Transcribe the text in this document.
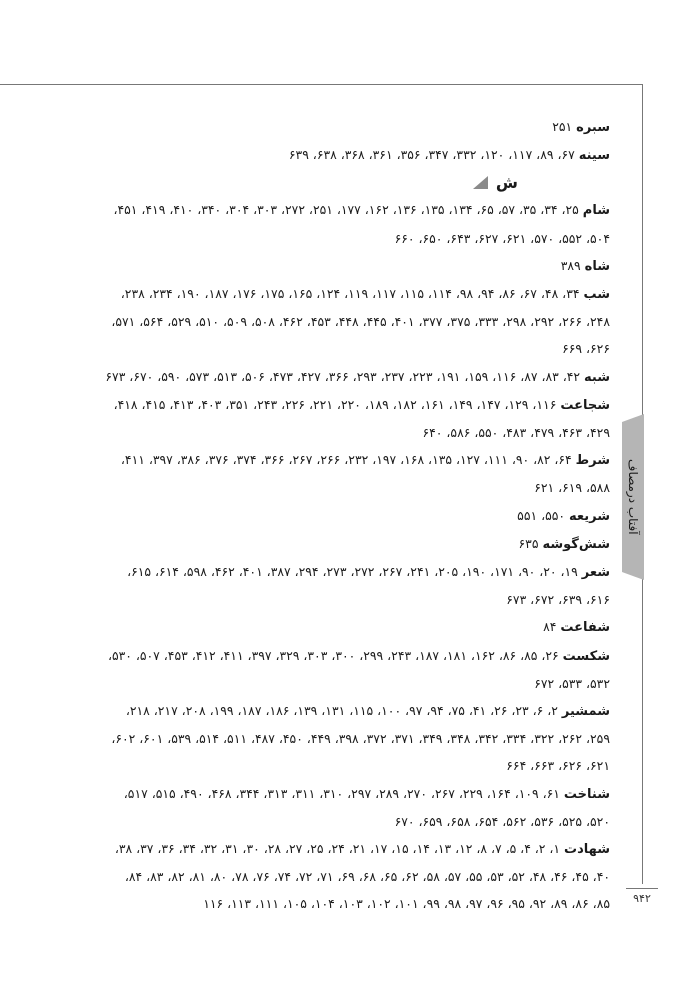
آفتاب درمصاف
۹۴۲
سبره ۲۵۱
سینه ۶۷، ۸۹، ۱۱۷، ۱۲۰، ۳۳۲، ۳۴۷، ۳۵۶، ۳۶۱، ۳۶۸، ۶۳۸، ۶۳۹
ش
شام ۲۵، ۳۴، ۳۵، ۵۷، ۶۵، ۱۳۴، ۱۳۵، ۱۳۶، ۱۶۲، ۱۷۷، ۲۵۱، ۲۷۲، ۳۰۳، ۳۰۴، ۳۴۰، ۴۱۰، ۴۱۹، ۴۵۱، ۵۰۴، ۵۵۲، ۵۷۰، ۶۲۱، ۶۲۷، ۶۴۳، ۶۵۰، ۶۶۰
شاه ۳۸۹
شب ۳۴، ۴۸، ۶۷، ۸۶، ۹۴، ۹۸، ۱۱۴، ۱۱۵، ۱۱۷، ۱۱۹، ۱۲۴، ۱۶۵، ۱۷۵، ۱۷۶، ۱۸۷، ۱۹۰، ۲۳۴، ۲۳۸، ۲۴۸، ۲۶۶، ۲۹۲، ۲۹۸، ۳۳۳، ۳۷۵، ۳۷۷، ۴۰۱، ۴۴۵، ۴۴۸، ۴۵۳، ۴۶۲، ۵۰۸، ۵۰۹، ۵۱۰، ۵۲۹، ۵۶۴، ۵۷۱، ۶۲۶، ۶۶۹
شبه ۴۲، ۸۳، ۸۷، ۱۱۶، ۱۵۹، ۱۹۱، ۲۲۳، ۲۳۷، ۲۹۳، ۳۶۶، ۴۲۷، ۴۷۳، ۵۰۶، ۵۱۳، ۵۷۳، ۵۹۰، ۶۷۰، ۶۷۳
شجاعت ۱۱۶، ۱۲۹، ۱۴۷، ۱۴۹، ۱۶۱، ۱۸۲، ۱۸۹، ۲۲۰، ۲۲۱، ۲۲۶، ۲۴۳، ۳۵۱، ۴۰۳، ۴۱۳، ۴۱۵، ۴۱۸، ۴۲۹، ۴۶۳، ۴۷۹، ۴۸۳، ۵۵۰، ۵۸۶، ۶۴۰
شرط ۶۴، ۸۲، ۹۰، ۱۱۱، ۱۲۷، ۱۳۵، ۱۶۸، ۱۹۷، ۲۳۲، ۲۶۶، ۲۶۷، ۳۶۶، ۳۷۴، ۳۷۶، ۳۸۶، ۳۹۷، ۴۱۱، ۵۸۸، ۶۱۹، ۶۲۱
شریعه ۵۵۰، ۵۵۱
شش‌گوشه ۶۳۵
شعر ۱۹، ۲۰، ۹۰، ۱۷۱، ۱۹۰، ۲۰۵، ۲۴۱، ۲۶۷، ۲۷۲، ۲۷۳، ۲۹۴، ۳۸۷، ۴۰۱، ۴۶۲، ۵۹۸، ۶۱۴، ۶۱۵، ۶۱۶، ۶۳۹، ۶۷۲، ۶۷۳
شفاعت ۸۴
شکست ۲۶، ۸۵، ۸۶، ۱۶۲، ۱۸۱، ۱۸۷، ۲۴۳، ۲۹۹، ۳۰۰، ۳۰۳، ۳۲۹، ۳۹۷، ۴۱۱، ۴۱۲، ۴۵۳، ۵۰۷، ۵۳۰، ۵۳۲، ۵۳۳، ۶۷۲
شمشیر ۲، ۶، ۲۳، ۲۶، ۴۱، ۷۵، ۹۴، ۹۷، ۱۰۰، ۱۱۵، ۱۳۱، ۱۳۹، ۱۸۶، ۱۸۷، ۱۹۹، ۲۰۸، ۲۱۷، ۲۱۸، ۲۵۹، ۲۶۲، ۳۲۲، ۳۳۴، ۳۴۲، ۳۴۸، ۳۴۹، ۳۷۱، ۳۷۲، ۳۹۸، ۴۴۹، ۴۵۰، ۴۸۷، ۵۱۱، ۵۱۴، ۵۳۹، ۶۰۱، ۶۰۲، ۶۲۱، ۶۲۶، ۶۶۳، ۶۶۴
شناخت ۶۱، ۱۰۹، ۱۶۴، ۲۲۹، ۲۶۷، ۲۷۰، ۲۸۹، ۲۹۷، ۳۱۰، ۳۱۱، ۳۱۳، ۳۴۴، ۴۶۸، ۴۹۰، ۵۱۵، ۵۱۷، ۵۲۰، ۵۲۵، ۵۳۶، ۵۶۲، ۶۵۴، ۶۵۸، ۶۵۹، ۶۷۰
شهادت ۱، ۲، ۴، ۵، ۷، ۸، ۱۲، ۱۳، ۱۴، ۱۵، ۱۷، ۲۱، ۲۴، ۲۵، ۲۷، ۲۸، ۳۰، ۳۱، ۳۲، ۳۴، ۳۶، ۳۷، ۳۸، ۴۰، ۴۵، ۴۶، ۴۸، ۵۲، ۵۳، ۵۵، ۵۷، ۵۸، ۶۲، ۶۵، ۶۸، ۶۹، ۷۱، ۷۲، ۷۴، ۷۶، ۷۸، ۸۰، ۸۱، ۸۲، ۸۳، ۸۴، ۸۵، ۸۶، ۸۹، ۹۲، ۹۵، ۹۶، ۹۷، ۹۸، ۹۹، ۱۰۱، ۱۰۲، ۱۰۳، ۱۰۴، ۱۰۵، ۱۱۱، ۱۱۳، ۱۱۶
